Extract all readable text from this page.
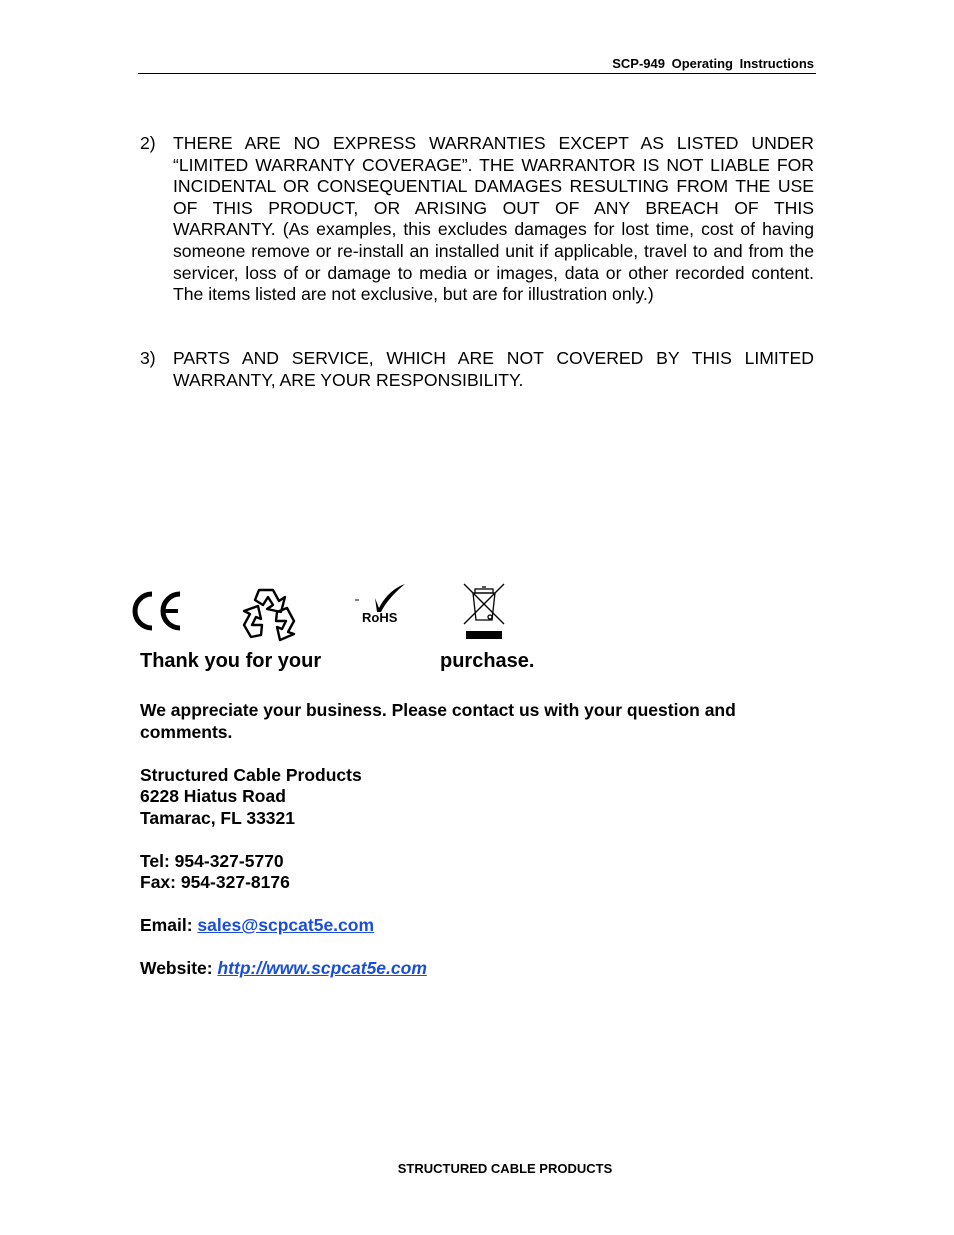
SCP-949 Operating Instructions
2) THERE ARE NO EXPRESS WARRANTIES EXCEPT AS LISTED UNDER “LIMITED WARRANTY COVERAGE”. THE WARRANTOR IS NOT LIABLE FOR INCIDENTAL OR CONSEQUENTIAL DAMAGES RESULTING FROM THE USE OF THIS PRODUCT, OR ARISING OUT OF ANY BREACH OF THIS WARRANTY. (As examples, this excludes damages for lost time, cost of having someone remove or re-install an installed unit if applicable, travel to and from the servicer, loss of or damage to media or images, data or other recorded content. The items listed are not exclusive, but are for illustration only.)
3) PARTS AND SERVICE, WHICH ARE NOT COVERED BY THIS LIMITED WARRANTY, ARE YOUR RESPONSIBILITY.
RoHS
Thank you for your	purchase.
We appreciate your business. Please contact us with your question and comments.
Structured Cable Products
6228 Hiatus Road
Tamarac, FL 33321
Tel: 954-327-5770
Fax: 954-327-8176
Email: sales@scpcat5e.com
Website: http://www.scpcat5e.com
STRUCTURED CABLE PRODUCTS
